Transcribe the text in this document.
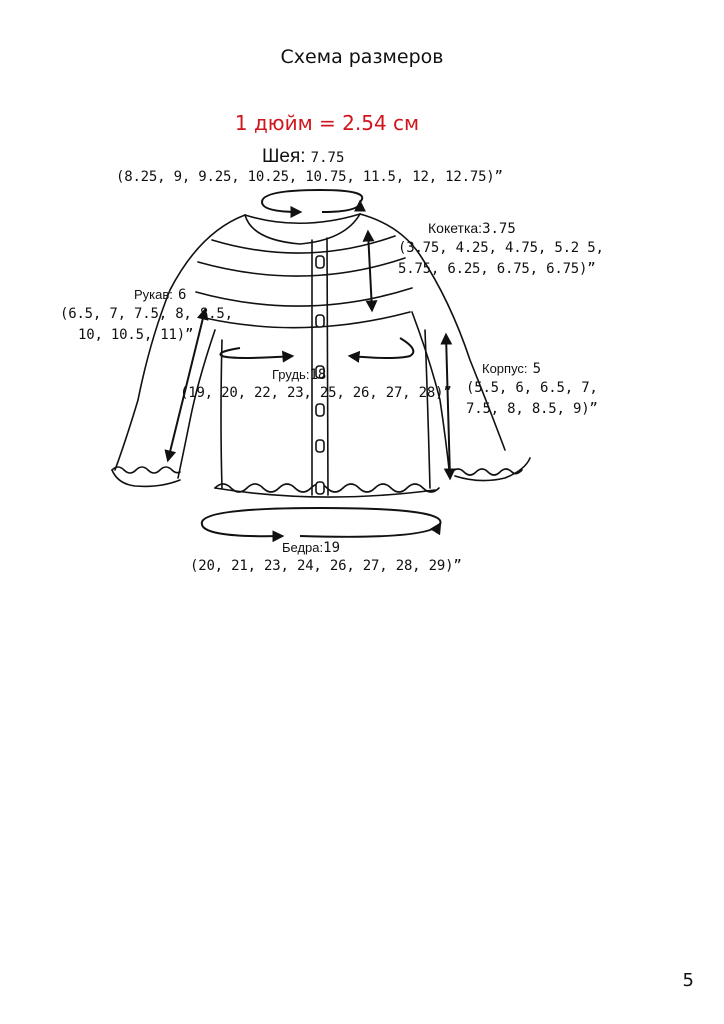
Схема размеров
1 дюйм = 2.54 см
Шея: 7.75
(8.25, 9, 9.25, 10.25, 10.75, 11.5, 12, 12.75)”
Кокетка:3.75
(3.75, 4.25, 4.75, 5.2 5,
5.75, 6.25, 6.75, 6.75)”
Рукав: 6
(6.5, 7, 7.5, 8, 8.5,
10, 10.5, 11)”
Грудь:18
(19, 20, 22, 23, 25, 26, 27, 28)”
Корпус: 5
(5.5, 6, 6.5, 7,
7.5, 8, 8.5, 9)”
Бедра:19
(20, 21, 23, 24, 26, 27, 28, 29)”
5
